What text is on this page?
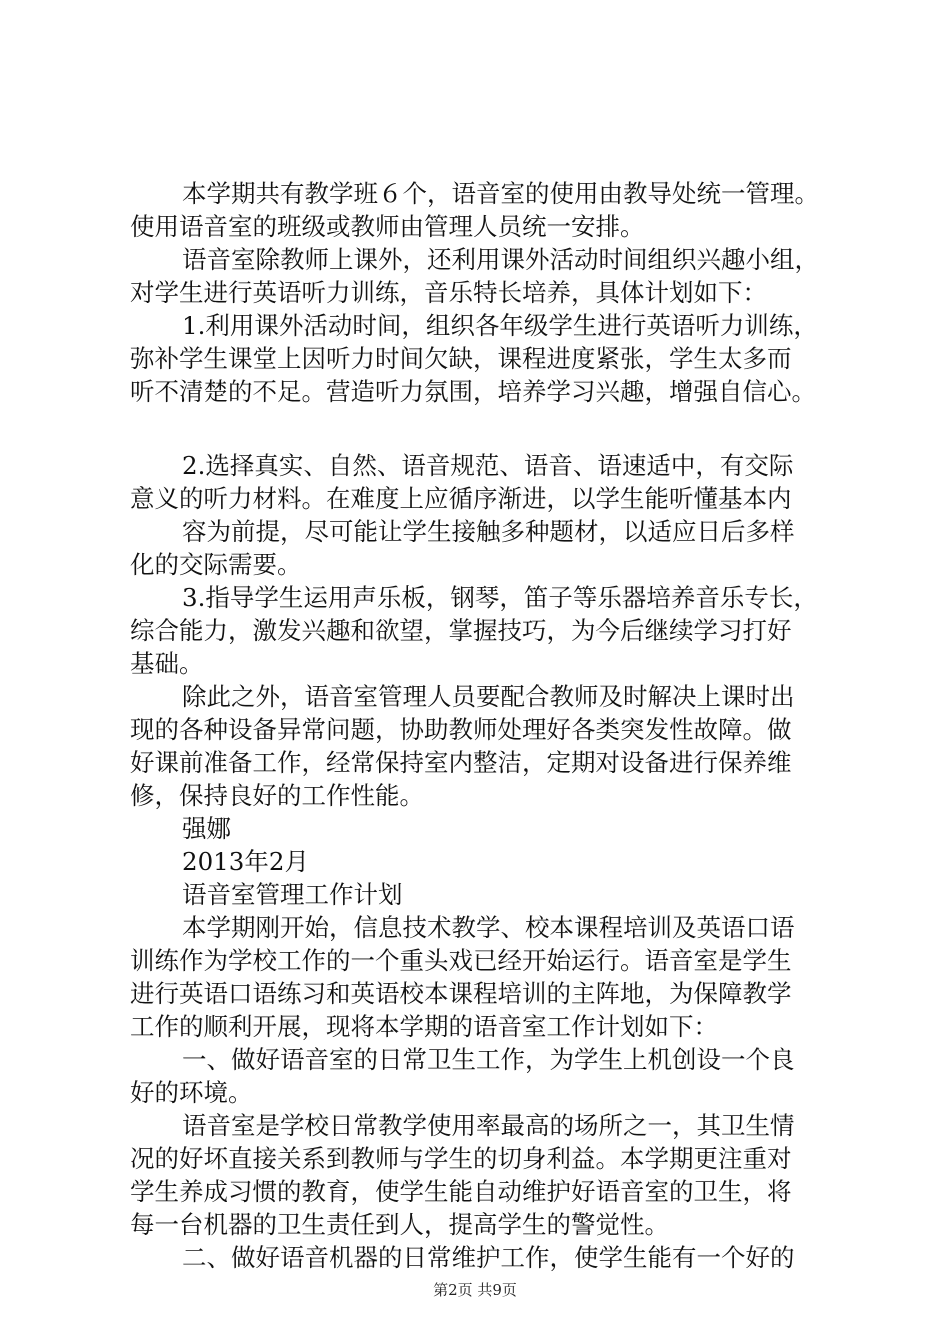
本学期共有教学班６个，语音室的使用由教导处统一管理。
使用语音室的班级或教师由管理人员统一安排。
语音室除教师上课外，还利用课外活动时间组织兴趣小组，
对学生进行英语听力训练，音乐特长培养，具体计划如下：
1.利用课外活动时间，组织各年级学生进行英语听力训练，
弥补学生课堂上因听力时间欠缺，课程进度紧张，学生太多而
听不清楚的不足。营造听力氛围，培养学习兴趣，增强自信心。
2.选择真实、自然、语音规范、语音、语速适中，有交际
意义的听力材料。在难度上应循序渐进，以学生能听懂基本内
容为前提，尽可能让学生接触多种题材，以适应日后多样
化的交际需要。
3.指导学生运用声乐板，钢琴，笛子等乐器培养音乐专长，
综合能力，激发兴趣和欲望，掌握技巧，为今后继续学习打好
基础。
除此之外，语音室管理人员要配合教师及时解决上课时出
现的各种设备异常问题，协助教师处理好各类突发性故障。做
好课前准备工作，经常保持室内整洁，定期对设备进行保养维
修，保持良好的工作性能。
强娜
2013年2月
语音室管理工作计划
本学期刚开始，信息技术教学、校本课程培训及英语口语
训练作为学校工作的一个重头戏已经开始运行。语音室是学生
进行英语口语练习和英语校本课程培训的主阵地，为保障教学
工作的顺利开展，现将本学期的语音室工作计划如下：
一、做好语音室的日常卫生工作，为学生上机创设一个良
好的环境。
语音室是学校日常教学使用率最高的场所之一，其卫生情
况的好坏直接关系到教师与学生的切身利益。本学期更注重对
学生养成习惯的教育，使学生能自动维护好语音室的卫生，将
每一台机器的卫生责任到人，提高学生的警觉性。
二、做好语音机器的日常维护工作，使学生能有一个好的
第2页 共9页
